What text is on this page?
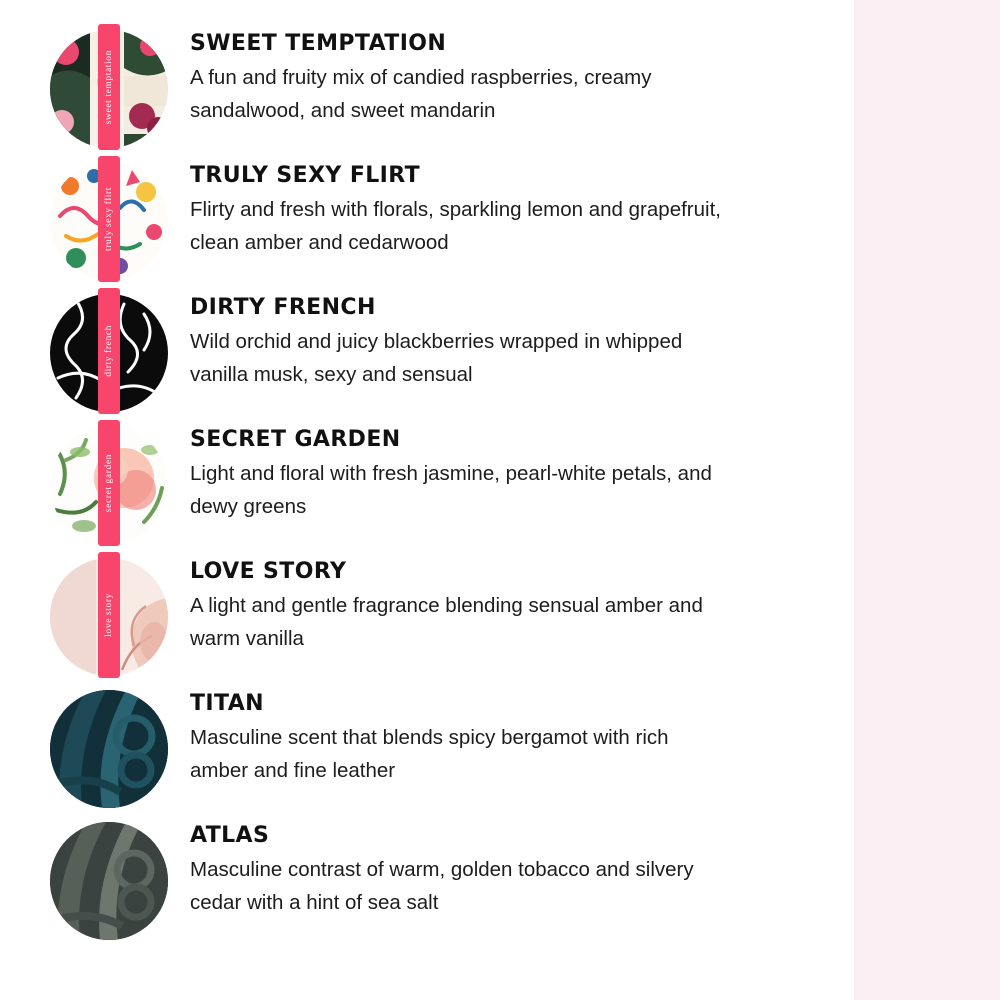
sweet temptation
SWEET TEMPTATION

A fun and fruity mix of candied raspberries, creamy sandalwood, and sweet mandarin

truly sexy flirt
TRULY SEXY FLIRT

Flirty and fresh with florals, sparkling lemon and grapefruit, clean amber and cedarwood

dirty french
DIRTY FRENCH

Wild orchid and juicy blackberries wrapped in whipped vanilla musk, sexy and sensual

secret garden
SECRET GARDEN

Light and floral with fresh jasmine, pearl-white petals, and dewy greens

love story
LOVE STORY

A light and gentle fragrance blending sensual amber and warm vanilla

TITAN

Masculine scent that blends spicy bergamot with rich amber and fine leather

ATLAS

Masculine contrast of warm, golden tobacco and silvery cedar with a hint of sea salt
